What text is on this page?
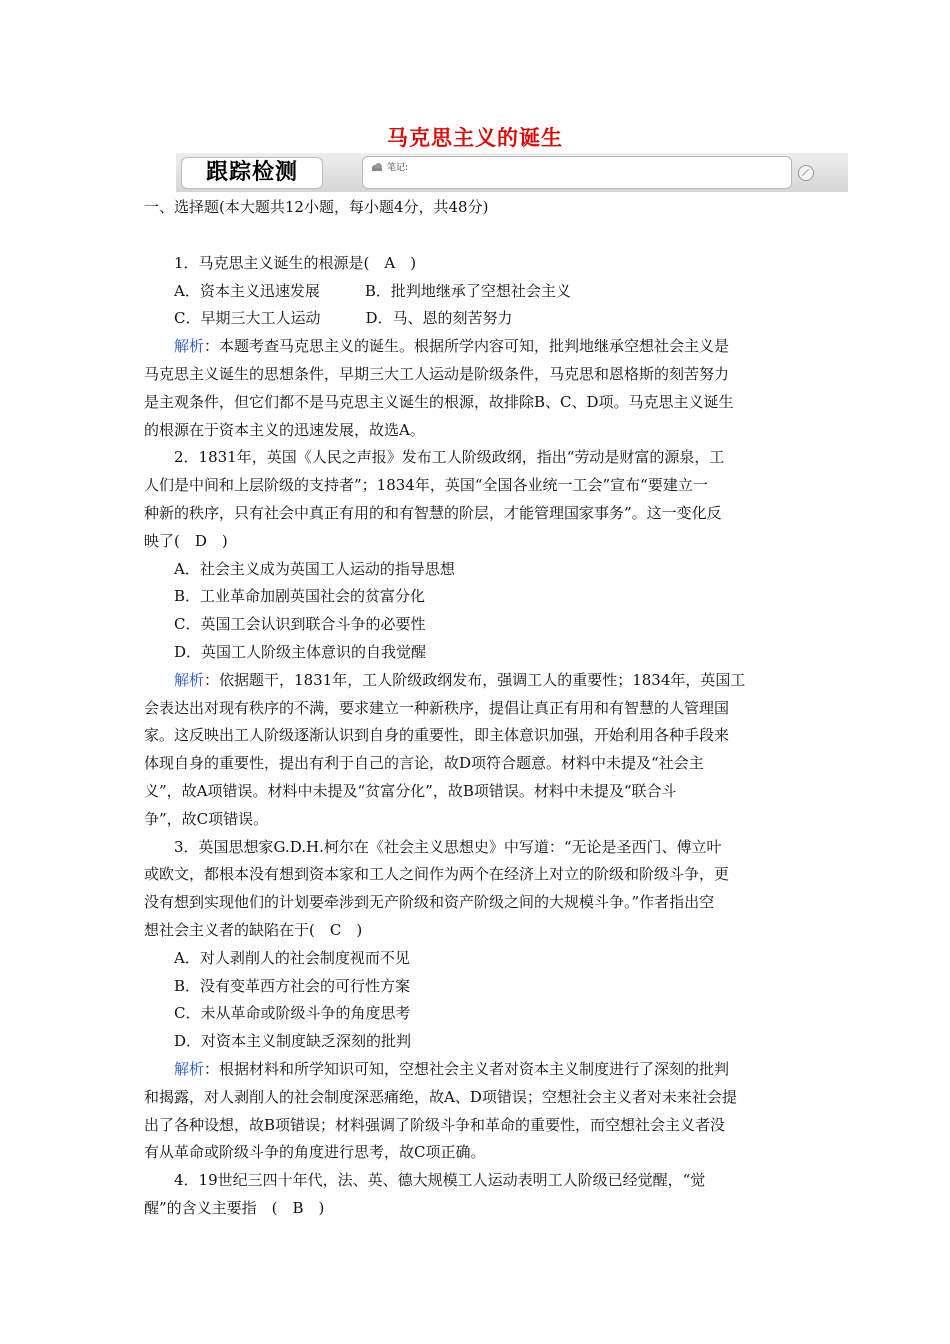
马克思主义的诞生
跟踪检测	笔记:
一、选择题(本大题共12小题，每小题4分，共48分)
　　1．马克思主义诞生的根源是(　A　)
　　A．资本主义迅速发展　　　B．批判地继承了空想社会主义
　　C．早期三大工人运动　　　D．马、恩的刻苦努力
　　解析：本题考查马克思主义的诞生。根据所学内容可知，批判地继承空想社会主义是
马克思主义诞生的思想条件，早期三大工人运动是阶级条件，马克思和恩格斯的刻苦努力
是主观条件，但它们都不是马克思主义诞生的根源，故排除B、C、D项。马克思主义诞生
的根源在于资本主义的迅速发展，故选A。
　　2．1831年，英国《人民之声报》发布工人阶级政纲，指出“劳动是财富的源泉，工
人们是中间和上层阶级的支持者”；1834年，英国“全国各业统一工会”宣布“要建立一
种新的秩序，只有社会中真正有用的和有智慧的阶层，才能管理国家事务”。这一变化反
映了(　D　)
　　A．社会主义成为英国工人运动的指导思想
　　B．工业革命加剧英国社会的贫富分化
　　C．英国工会认识到联合斗争的必要性
　　D．英国工人阶级主体意识的自我觉醒
　　解析：依据题干，1831年，工人阶级政纲发布，强调工人的重要性；1834年，英国工
会表达出对现有秩序的不满，要求建立一种新秩序，提倡让真正有用和有智慧的人管理国
家。这反映出工人阶级逐渐认识到自身的重要性，即主体意识加强，开始利用各种手段来
体现自身的重要性，提出有利于自己的言论，故D项符合题意。材料中未提及“社会主
义”，故A项错误。材料中未提及“贫富分化”，故B项错误。材料中未提及“联合斗
争”，故C项错误。
　　3．英国思想家G.D.H.柯尔在《社会主义思想史》中写道：“无论是圣西门、傅立叶
或欧文，都根本没有想到资本家和工人之间作为两个在经济上对立的阶级和阶级斗争，更
没有想到实现他们的计划要牵涉到无产阶级和资产阶级之间的大规模斗争。”作者指出空
想社会主义者的缺陷在于(　C　)
　　A．对人剥削人的社会制度视而不见
　　B．没有变革西方社会的可行性方案
　　C．未从革命或阶级斗争的角度思考
　　D．对资本主义制度缺乏深刻的批判
　　解析：根据材料和所学知识可知，空想社会主义者对资本主义制度进行了深刻的批判
和揭露，对人剥削人的社会制度深恶痛绝，故A、D项错误；空想社会主义者对未来社会提
出了各种设想，故B项错误；材料强调了阶级斗争和革命的重要性，而空想社会主义者没
有从革命或阶级斗争的角度进行思考，故C项正确。
　　4．19世纪三四十年代，法、英、德大规模工人运动表明工人阶级已经觉醒，“觉
醒”的含义主要指　(　B　)
